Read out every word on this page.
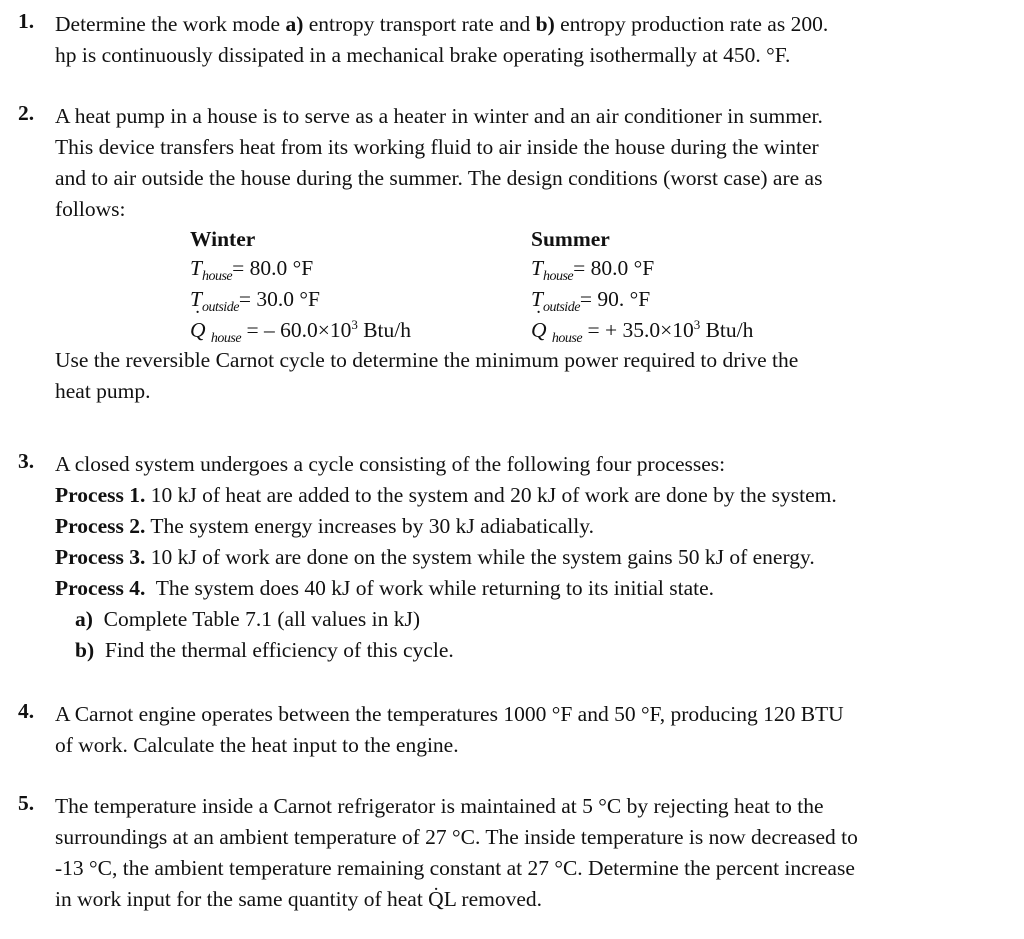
1. Determine the work mode a) entropy transport rate and b) entropy production rate as 200.

hp is continuously dissipated in a mechanical brake operating isothermally at 450. °F.

2. A heat pump in a house is to serve as a heater in winter and an air conditioner in summer.

This device transfers heat from its working fluid to air inside the house during the winter

and to air outside the house during the summer. The design conditions (worst case) are as

follows:

Winter
$T_{house}= 80.0$ °F
$T_{outside}= 30.0$ °F
˙ Q $_{house}$ = – $60.0\times 10^3$ Btu/h
Summer
$T_{house}= 80.0$ °F
$T_{outside}= 90$. °F
˙ Q $_{house}$ = + $35.0\times 10^3$ Btu/h

Use the reversible Carnot cycle to determine the minimum power required to drive the

heat pump.

3. A closed system undergoes a cycle consisting of the following four processes:

Process 1. 10 kJ of heat are added to the system and 20 kJ of work are done by the system.

Process 2. The system energy increases by 30 kJ adiabatically.

Process 3. 10 kJ of work are done on the system while the system gains 50 kJ of energy.

Process 4.  The system does 40 kJ of work while returning to its initial state.

a) Complete Table 7.1 (all values in kJ)

b) Find the thermal efficiency of this cycle.

4. A Carnot engine operates between the temperatures 1000 °F and 50 °F, producing 120 BTU

of work. Calculate the heat input to the engine.

5. The temperature inside a Carnot refrigerator is maintained at 5 °C by rejecting heat to the

surroundings at an ambient temperature of 27 °C. The inside temperature is now decreased to

-13 °C, the ambient temperature remaining constant at 27 °C. Determine the percent increase

in work input for the same quantity of heat Q̇L removed.
